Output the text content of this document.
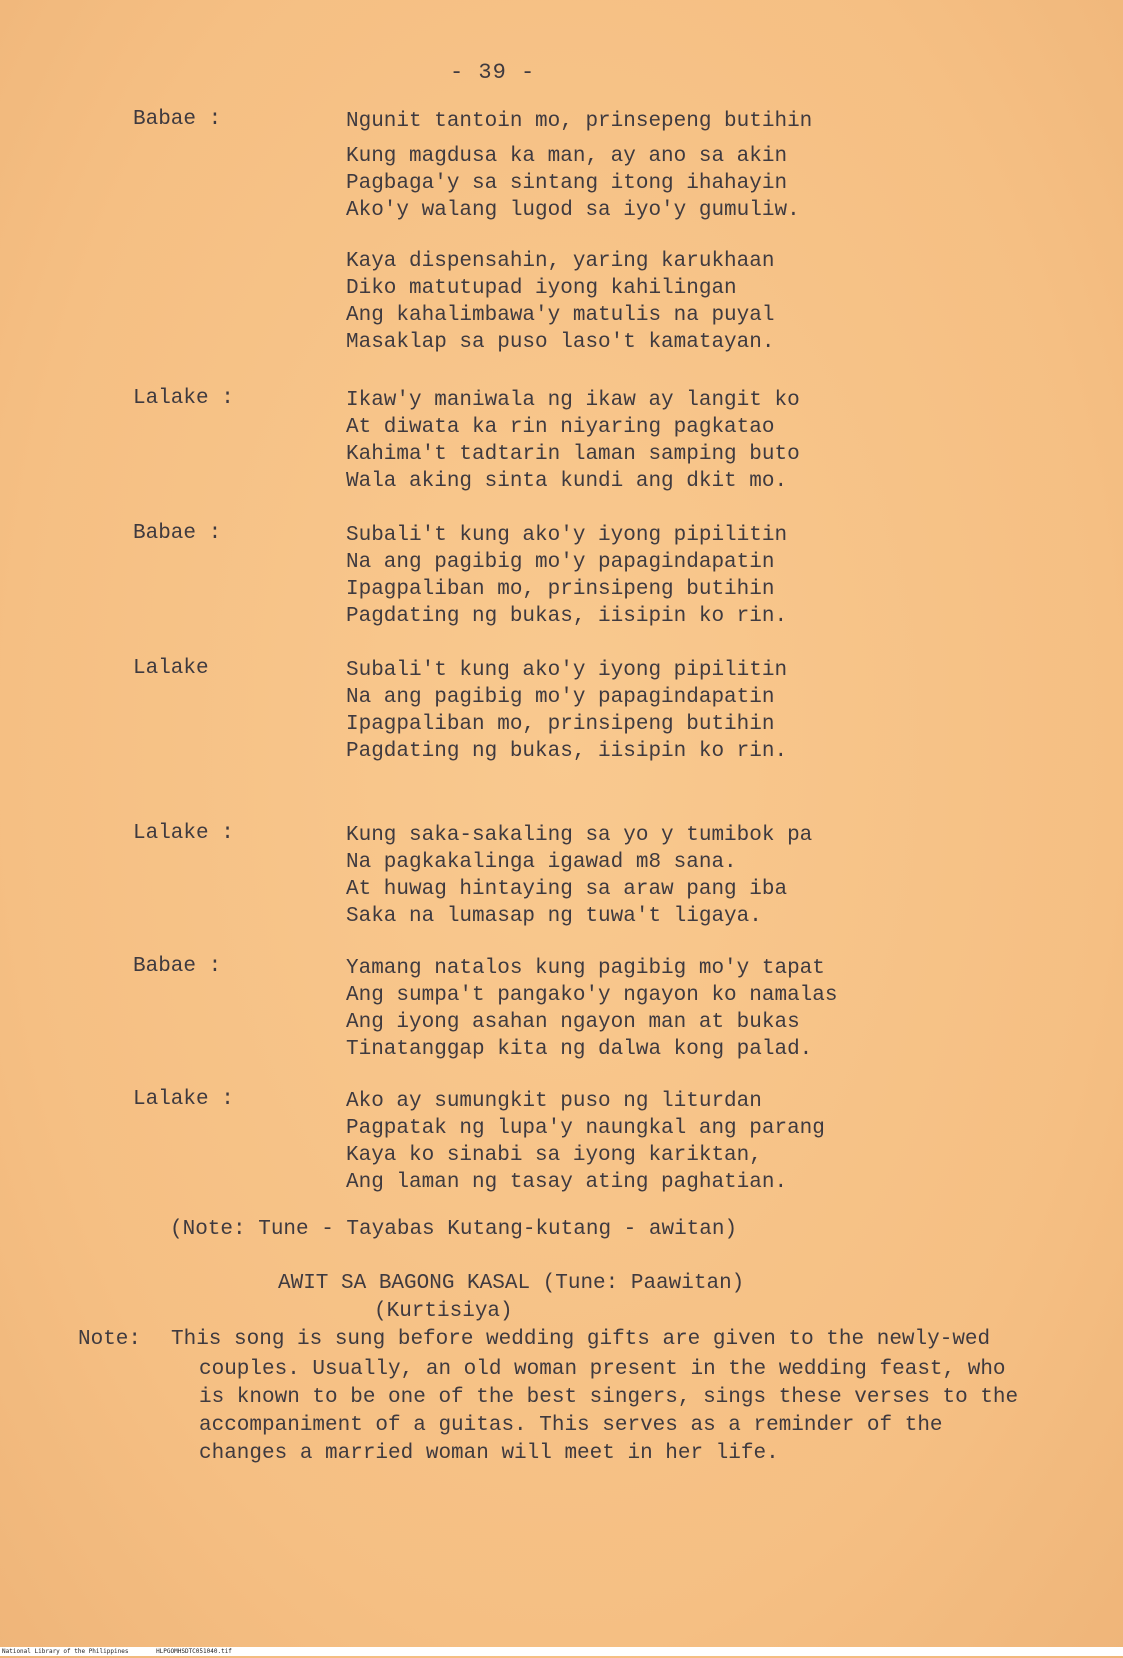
- 39 -
Babae :	Ngunit tantoin mo, prinsepeng butihin
Kung magdusa ka man, ay ano sa akin
Pagbaga'y sa sintang itong ihahayin
Ako'y walang lugod sa iyo'y gumuliw.
Kaya dispensahin, yaring karukhaan
Diko matutupad iyong kahilingan
Ang kahalimbawa'y matulis na puyal
Masaklap sa puso laso't kamatayan.
Lalake :	Ikaw'y maniwala ng ikaw ay langit ko
At diwata ka rin niyaring pagkatao
Kahima't tadtarin laman samping buto
Wala aking sinta kundi ang dkit mo.
Babae :	Subali't kung ako'y iyong pipilitin
Na ang pagibig mo'y papagindapatin
Ipagpaliban mo, prinsipeng butihin
Pagdating ng bukas, iisipin ko rin.
Lalake	Subali't kung ako'y iyong pipilitin
Na ang pagibig mo'y papagindapatin
Ipagpaliban mo, prinsipeng butihin
Pagdating ng bukas, iisipin ko rin.
Lalake :	Kung saka-sakaling sa yo y tumibok pa
Na pagkakalinga igawad m8 sana.
At huwag hintaying sa araw pang iba
Saka na lumasap ng tuwa't ligaya.
Babae :	Yamang natalos kung pagibig mo'y tapat
Ang sumpa't pangako'y ngayon ko namalas
Ang iyong asahan ngayon man at bukas
Tinatanggap kita ng dalwa kong palad.
Lalake :	Ako ay sumungkit puso ng liturdan
Pagpatak ng lupa'y naungkal ang parang
Kaya ko sinabi sa iyong kariktan,
Ang laman ng tasay ating paghatian.
(Note: Tune - Tayabas Kutang-kutang - awitan)
AWIT SA BAGONG KASAL (Tune: Paawitan)
(Kurtisiya)
Note: This song is sung before wedding gifts are given to the newly-wed
couples. Usually, an old woman present in the wedding feast, who
is known to be one of the best singers, sings these verses to the
accompaniment of a guitas. This serves as a reminder of the
changes a married woman will meet in her life.
National Library of the Philippines	HLPGOMHSDTC051040.tif
